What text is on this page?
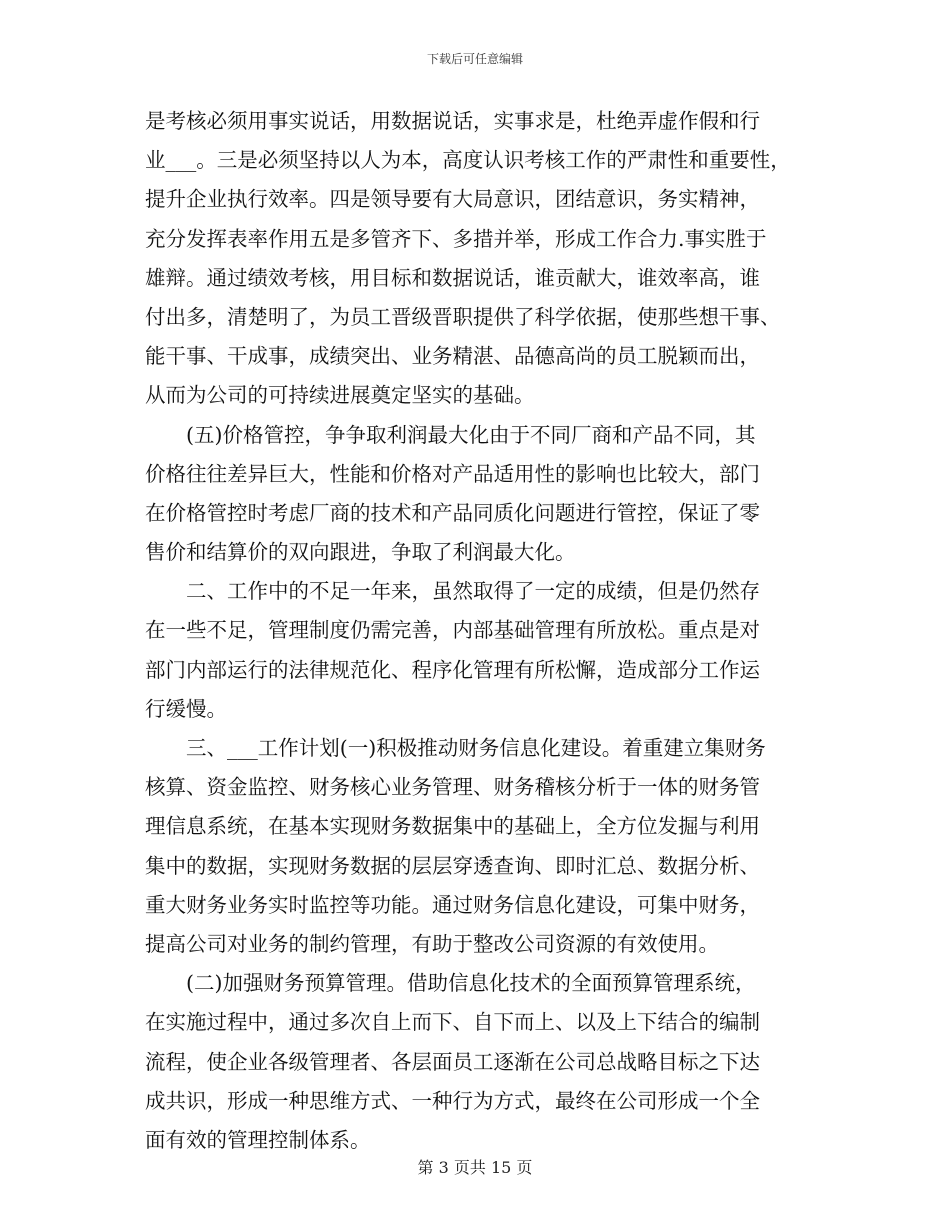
下载后可任意编辑
是考核必须用事实说话，用数据说话，实事求是，杜绝弄虚作假和行
业___。三是必须坚持以人为本，高度认识考核工作的严肃性和重要性，
提升企业执行效率。四是领导要有大局意识，团结意识，务实精神，
充分发挥表率作用五是多管齐下、多措并举，形成工作合力.事实胜于
雄辩。通过绩效考核，用目标和数据说话，谁贡献大，谁效率高，谁
付出多，清楚明了，为员工晋级晋职提供了科学依据，使那些想干事、
能干事、干成事，成绩突出、业务精湛、品德高尚的员工脱颖而出，
从而为公司的可持续进展奠定坚实的基础。
(五)价格管控，争争取利润最大化由于不同厂商和产品不同，其
价格往往差异巨大，性能和价格对产品适用性的影响也比较大，部门
在价格管控时考虑厂商的技术和产品同质化问题进行管控，保证了零
售价和结算价的双向跟进，争取了利润最大化。
二、工作中的不足一年来，虽然取得了一定的成绩，但是仍然存
在一些不足，管理制度仍需完善，内部基础管理有所放松。重点是对
部门内部运行的法律规范化、程序化管理有所松懈，造成部分工作运
行缓慢。
三、___工作计划(一)积极推动财务信息化建设。着重建立集财务
核算、资金监控、财务核心业务管理、财务稽核分析于一体的财务管
理信息系统，在基本实现财务数据集中的基础上，全方位发掘与利用
集中的数据，实现财务数据的层层穿透查询、即时汇总、数据分析、
重大财务业务实时监控等功能。通过财务信息化建设，可集中财务，
提高公司对业务的制约管理，有助于整改公司资源的有效使用。
(二)加强财务预算管理。借助信息化技术的全面预算管理系统，
在实施过程中，通过多次自上而下、自下而上、以及上下结合的编制
流程，使企业各级管理者、各层面员工逐渐在公司总战略目标之下达
成共识，形成一种思维方式、一种行为方式，最终在公司形成一个全
面有效的管理控制体系。
第 3 页共 15 页
